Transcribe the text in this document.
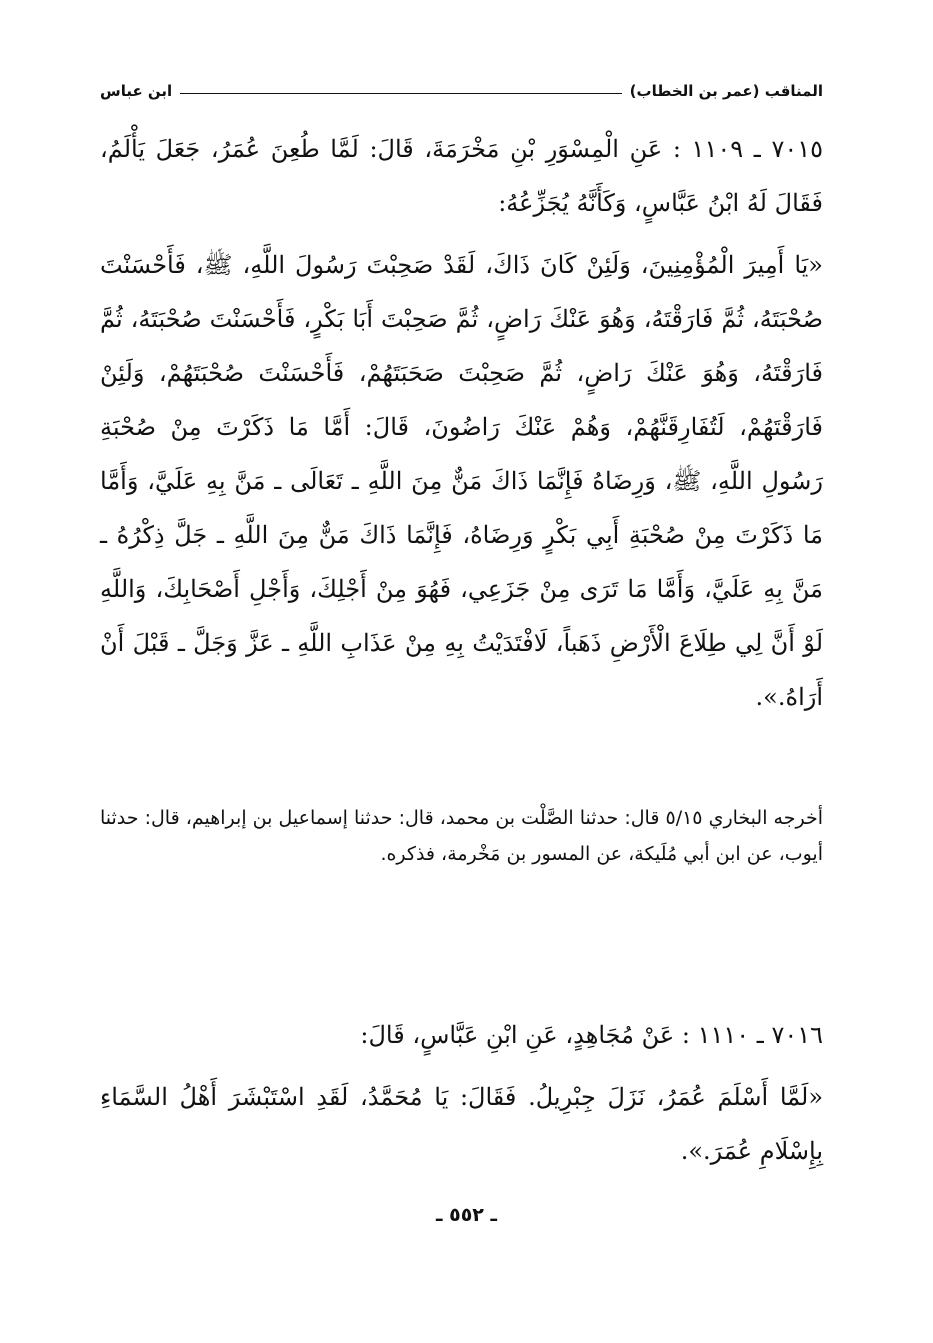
المناقب (عمر بن الخطاب)
ابن عباس
٧٠١٥ ـ ١١٠٩ : عَنِ الْمِسْوَرِ بْنِ مَخْرَمَةَ، قَالَ: لَمَّا طُعِنَ عُمَرُ، جَعَلَ يَأْلَمُ، فَقَالَ لَهُ ابْنُ عَبَّاسٍ، وَكَأَنَّهُ يُجَزِّعُهُ:
«يَا أَمِيرَ الْمُؤْمِنِينَ، وَلَئِنْ كَانَ ذَاكَ، لَقَدْ صَحِبْتَ رَسُولَ اللَّهِ، ﷺ، فَأَحْسَنْتَ صُحْبَتَهُ، ثُمَّ فَارَقْتَهُ، وَهُوَ عَنْكَ رَاضٍ، ثُمَّ صَحِبْتَ أَبَا بَكْرٍ، فَأَحْسَنْتَ صُحْبَتَهُ، ثُمَّ فَارَقْتَهُ، وَهُوَ عَنْكَ رَاضٍ، ثُمَّ صَحِبْتَ صَحَبَتَهُمْ، فَأَحْسَنْتَ صُحْبَتَهُمْ، وَلَئِنْ فَارَقْتَهُمْ، لَتُفَارِقَنَّهُمْ، وَهُمْ عَنْكَ رَاضُونَ، قَالَ: أَمَّا مَا ذَكَرْتَ مِنْ صُحْبَةِ رَسُولِ اللَّهِ، ﷺ، وَرِضَاهُ فَإِنَّمَا ذَاكَ مَنٌّ مِنَ اللَّهِ ـ تَعَالَى ـ مَنَّ بِهِ عَلَيَّ، وَأَمَّا مَا ذَكَرْتَ مِنْ صُحْبَةِ أَبِي بَكْرٍ وَرِضَاهُ، فَإِنَّمَا ذَاكَ مَنٌّ مِنَ اللَّهِ ـ جَلَّ ذِكْرُهُ ـ مَنَّ بِهِ عَلَيَّ، وَأَمَّا مَا تَرَى مِنْ جَزَعِي، فَهُوَ مِنْ أَجْلِكَ، وَأَجْلِ أَصْحَابِكَ، وَاللَّهِ لَوْ أَنَّ لِي طِلَاعَ الْأَرْضِ ذَهَباً، لَافْتَدَيْتُ بِهِ مِنْ عَذَابِ اللَّهِ ـ عَزَّ وَجَلَّ ـ قَبْلَ أَنْ أَرَاهُ.».
أخرجه البخاري ٥/١٥ قال: حدثنا الصَّلْت بن محمد، قال: حدثنا إسماعيل بن إبراهيم، قال: حدثنا أيوب، عن ابن أبي مُلَيكة، عن المسور بن مَخْرمة، فذكره.
٧٠١٦ ـ ١١١٠ : عَنْ مُجَاهِدٍ، عَنِ ابْنِ عَبَّاسٍ، قَالَ:
«لَمَّا أَسْلَمَ عُمَرُ، نَزَلَ جِبْرِيلُ. فَقَالَ: يَا مُحَمَّدُ، لَقَدِ اسْتَبْشَرَ أَهْلُ السَّمَاءِ بِإِسْلَامِ عُمَرَ.».
ـ ٥٥٢ ـ
